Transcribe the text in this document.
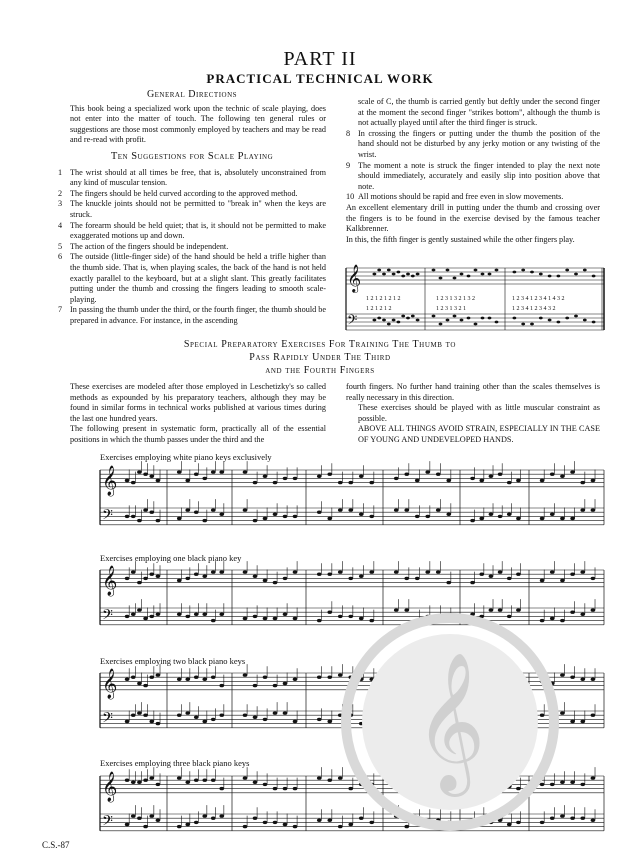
PART II
PRACTICAL TECHNICAL WORK

General Directions

This book being a specialized work upon the technic of scale playing, does not enter into the matter of touch. The following ten general rules or suggestions are those most commonly employed by teachers and may be read and re-read with profit.

Ten Suggestions for Scale Playing

1 The wrist should at all times be free, that is, absolutely unconstrained from any kind of muscular tension.
2 The fingers should be held curved according to the approved method.
3 The knuckle joints should not be permitted to "break in" when the keys are struck.
4 The forearm should be held quiet; that is, it should not be permitted to make exaggerated motions up and down.
5 The action of the fingers should be independent.
6 The outside (little-finger side) of the hand should be held a trifle higher than the thumb side. That is, when playing scales, the back of the hand is not held exactly parallel to the keyboard, but at a slight slant. This greatly facilitates putting under the thumb and crossing the fingers leading to smooth scale-playing.
7 In passing the thumb under the third, or the fourth finger, the thumb should be prepared in advance. For instance, in the ascending

scale of C, the thumb is carried gently but deftly under the second finger at the moment the second finger "strikes bottom", although the thumb is not actually played until after the third finger is struck.

8 In crossing the fingers or putting under the thumb the position of the hand should not be disturbed by any jerky motion or any twisting of the wrist.
9 The moment a note is struck the finger intended to play the next note should immediately, accurately and easily slip into position above that note.
10 All motions should be rapid and free even in slow movements.

An excellent elementary drill in putting under the thumb and crossing over the fingers is to be found in the exercise devised by the famous teacher Kalkbrenner.

In this, the fifth finger is gently sustained while the other fingers play.

𝄞
𝄢
1 2 1 2 1 2 1 2	1 2 3 1 3 2 1 3 2	1 2 3 4 1 2 3 4 1 4 3 2
1 2 1 2 1 2	1 2 3 1 3 2 1	1 2 3 4 1 2 3 4 3 2
Special Preparatory Exercises For Training The Thumb to
Pass Rapidly Under The Third
and the Fourth Fingers

These exercises are modeled after those employed in Leschetizky's so called methods as expounded by his preparatory teachers, although they may be found in similar forms in technical works published at various times during the last one hundred years.

The following present in systematic form, practically all of the essential positions in which the thumb passes under the third and the

fourth fingers. No further hand training other than the scales themselves is really necessary in this direction.

These exercises should be played with as little muscular constraint as possible.

ABOVE ALL THINGS AVOID STRAIN, ESPECIALLY IN THE CASE OF YOUNG AND UNDEVELOPED HANDS.

Exercises employing white piano keys exclusively
Exercises employing one black piano key
Exercises employing two black piano keys
Exercises employing three black piano keys
𝄞
𝄢
𝄞
𝄢
𝄞
𝄢
𝄞
𝄢
𝄞
C.S.-87
